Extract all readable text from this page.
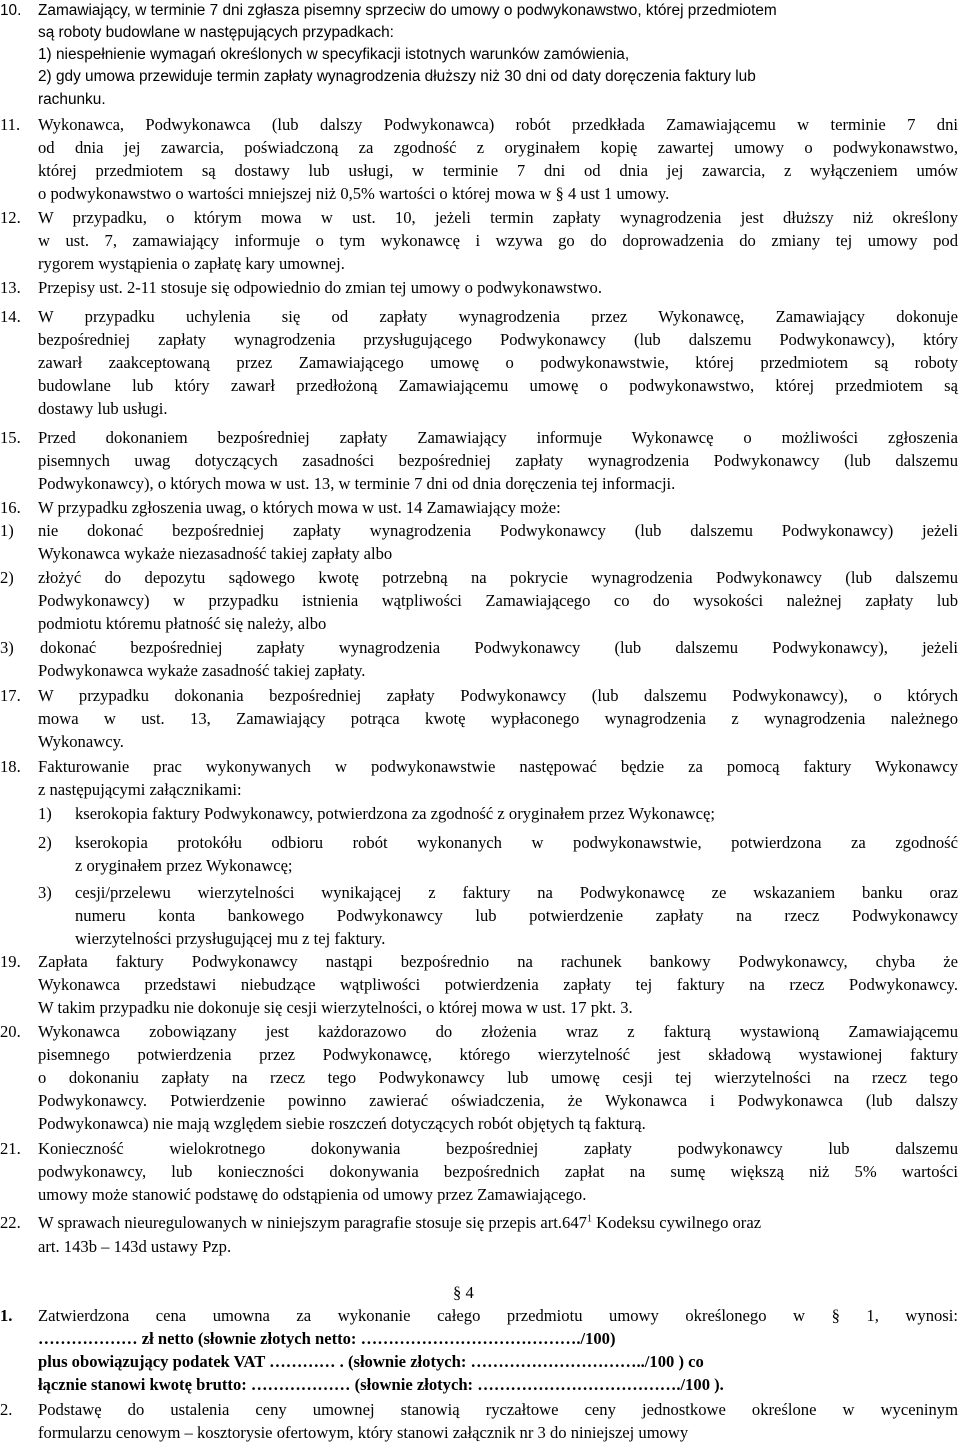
10. Zamawiający, w terminie 7 dni zgłasza pisemny sprzeciw do umowy o podwykonawstwo, której przedmiotem
są roboty budowlane w następujących przypadkach:
1) niespełnienie wymagań określonych w specyfikacji istotnych warunków zamówienia,
2) gdy umowa przewiduje termin zapłaty wynagrodzenia dłuższy niż 30 dni od daty doręczenia faktury lub
rachunku.
11. Wykonawca, Podwykonawca (lub dalszy Podwykonawca) robót przedkłada Zamawiającemu w terminie 7 dni
od dnia jej zawarcia, poświadczoną za zgodność z oryginałem kopię zawartej umowy o podwykonawstwo,
której przedmiotem są dostawy lub usługi, w terminie 7 dni od dnia jej zawarcia, z wyłączeniem umów
o podwykonawstwo o wartości mniejszej niż 0,5% wartości o której mowa w § 4 ust 1 umowy.
12. W przypadku, o którym mowa w ust. 10, jeżeli termin zapłaty wynagrodzenia jest dłuższy niż określony
w ust. 7, zamawiający informuje o tym wykonawcę i wzywa go do doprowadzenia do zmiany tej umowy pod
rygorem wystąpienia o zapłatę kary umownej.
13. Przepisy ust. 2-11 stosuje się odpowiednio do zmian tej umowy o podwykonawstwo.
14. W przypadku uchylenia się od zapłaty wynagrodzenia przez Wykonawcę, Zamawiający dokonuje
bezpośredniej zapłaty wynagrodzenia przysługującego Podwykonawcy (lub dalszemu Podwykonawcy), który
zawarł zaakceptowaną przez Zamawiającego umowę o podwykonawstwie, której przedmiotem są roboty
budowlane lub który zawarł przedłożoną Zamawiającemu umowę o podwykonawstwo, której przedmiotem są
dostawy lub usługi.
15. Przed dokonaniem bezpośredniej zapłaty Zamawiający informuje Wykonawcę o możliwości zgłoszenia
pisemnych uwag dotyczących zasadności bezpośredniej zapłaty wynagrodzenia Podwykonawcy (lub dalszemu
Podwykonawcy), o których mowa w ust. 13, w terminie 7 dni od dnia doręczenia tej informacji.
16. W przypadku zgłoszenia uwag, o których mowa w ust. 14 Zamawiający może:
1) nie dokonać bezpośredniej zapłaty wynagrodzenia Podwykonawcy (lub dalszemu Podwykonawcy) jeżeli
Wykonawca wykaże niezasadność takiej zapłaty albo
2) złożyć do depozytu sądowego kwotę potrzebną na pokrycie wynagrodzenia Podwykonawcy (lub dalszemu
Podwykonawcy) w przypadku istnienia wątpliwości Zamawiającego co do wysokości należnej zapłaty lub
podmiotu któremu płatność się należy, albo
3) dokonać bezpośredniej zapłaty wynagrodzenia Podwykonawcy (lub dalszemu Podwykonawcy), jeżeli
Podwykonawca wykaże zasadność takiej zapłaty.
17. W przypadku dokonania bezpośredniej zapłaty Podwykonawcy (lub dalszemu Podwykonawcy), o których
mowa w ust. 13, Zamawiający potrąca kwotę wypłaconego wynagrodzenia z wynagrodzenia należnego
Wykonawcy.
18. Fakturowanie prac wykonywanych w podwykonawstwie następować będzie za pomocą faktury Wykonawcy
z następującymi załącznikami:
1) kserokopia faktury Podwykonawcy, potwierdzona za zgodność z oryginałem przez Wykonawcę;
2) kserokopia protokółu odbioru robót wykonanych w podwykonawstwie, potwierdzona za zgodność
z oryginałem przez Wykonawcę;
3) cesji/przelewu wierzytelności wynikającej z faktury na Podwykonawcę ze wskazaniem banku oraz
numeru konta bankowego Podwykonawcy lub potwierdzenie zapłaty na rzecz Podwykonawcy
wierzytelności przysługującej mu z tej faktury.
19. Zapłata faktury Podwykonawcy nastąpi bezpośrednio na rachunek bankowy Podwykonawcy, chyba że
Wykonawca przedstawi niebudzące wątpliwości potwierdzenia zapłaty tej faktury na rzecz Podwykonawcy.
W takim przypadku nie dokonuje się cesji wierzytelności, o której mowa w ust. 17 pkt. 3.
20. Wykonawca zobowiązany jest każdorazowo do złożenia wraz z fakturą wystawioną Zamawiającemu
pisemnego potwierdzenia przez Podwykonawcę, którego wierzytelność jest składową wystawionej faktury
o dokonaniu zapłaty na rzecz tego Podwykonawcy lub umowę cesji tej wierzytelności na rzecz tego
Podwykonawcy. Potwierdzenie powinno zawierać oświadczenia, że Wykonawca i Podwykonawca (lub dalszy
Podwykonawca) nie mają względem siebie roszczeń dotyczących robót objętych tą fakturą.
21. Konieczność wielokrotnego dokonywania bezpośredniej zapłaty podwykonawcy lub dalszemu
podwykonawcy, lub konieczności dokonywania bezpośrednich zapłat na sumę większą niż 5% wartości
umowy może stanowić podstawę do odstąpienia od umowy przez Zamawiającego.
22. W sprawach nieuregulowanych w niniejszym paragrafie stosuje się przepis art.647$^1$ Kodeksu cywilnego oraz
art. 143b – 143d ustawy Pzp.
§ 4
1. Zatwierdzona cena umowna za wykonanie całego przedmiotu umowy określonego w § 1, wynosi:
……………… zł netto (słownie złotych netto: …………………………………./100)
plus obowiązujący podatek VAT ………… . (słownie złotych: …………………………../100 ) co
łącznie stanowi kwotę brutto: ……………… (słownie złotych: ………………………………./100 ).
2. Podstawę do ustalenia ceny umownej stanowią ryczałtowe ceny jednostkowe określone w wyceninym
formularzu cenowym – kosztorysie ofertowym, który stanowi załącznik nr 3 do niniejszej umowy
